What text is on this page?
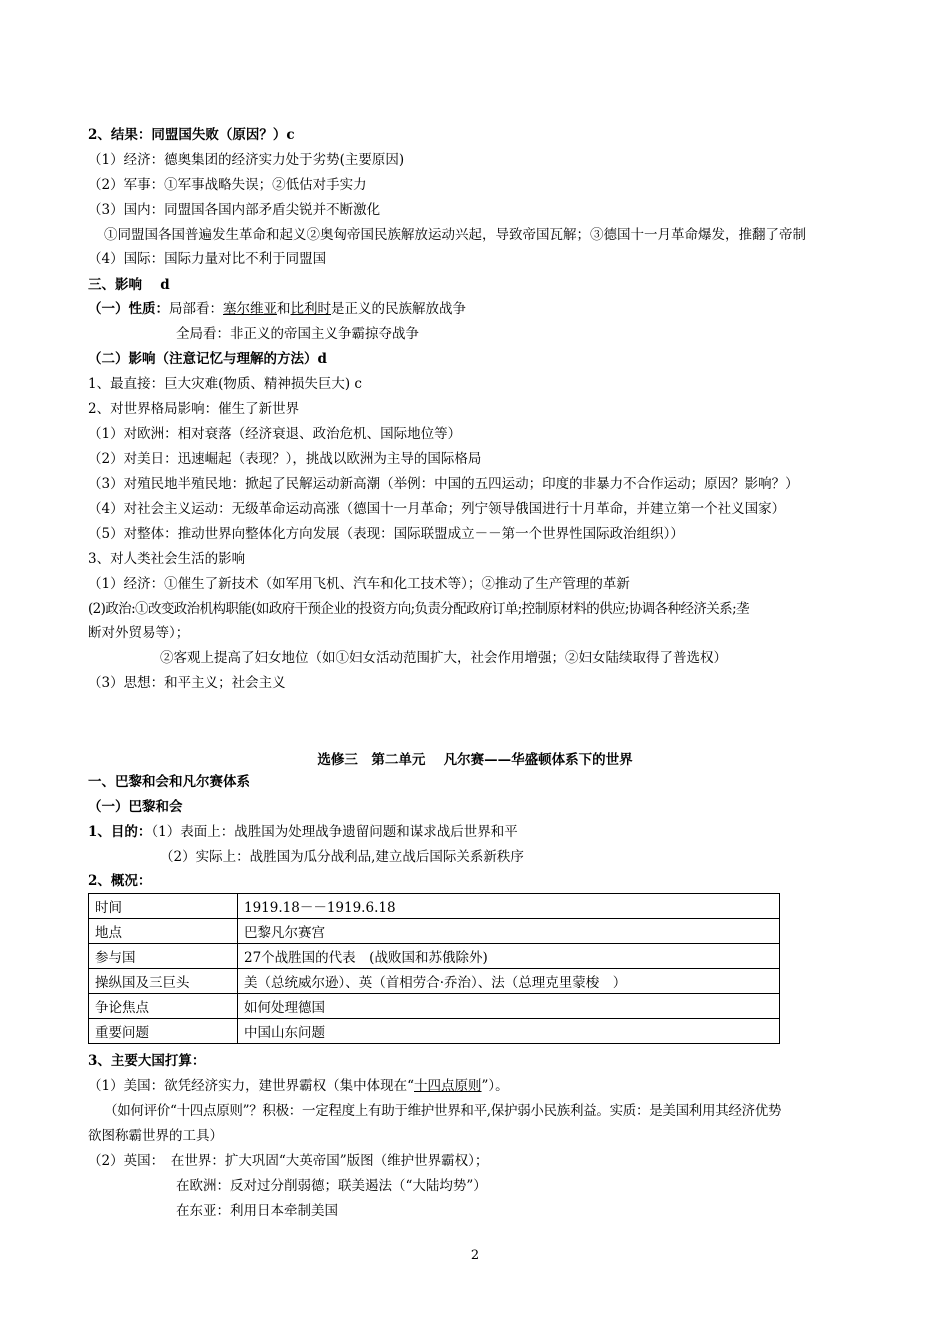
2、结果：同盟国失败（原因？）c
（1）经济：德奥集团的经济实力处于劣势(主要原因)
（2）军事：①军事战略失误；②低估对手实力
（3）国内：同盟国各国内部矛盾尖锐并不断激化
①同盟国各国普遍发生革命和起义②奥匈帝国民族解放运动兴起，导致帝国瓦解；③德国十一月革命爆发，推翻了帝制
（4）国际：国际力量对比不利于同盟国
三、影响　 d
（一）性质：局部看：塞尔维亚和比利时是正义的民族解放战争
全局看：非正义的帝国主义争霸掠夺战争
（二）影响（注意记忆与理解的方法）d
1、最直接：巨大灾难(物质、精神损失巨大) c
2、对世界格局影响：催生了新世界
（1）对欧洲：相对衰落（经济衰退、政治危机、国际地位等）
（2）对美日：迅速崛起（表现？），挑战以欧洲为主导的国际格局
（3）对殖民地半殖民地：掀起了民解运动新高潮（举例：中国的五四运动；印度的非暴力不合作运动；原因？影响？）
（4）对社会主义运动：无级革命运动高涨（德国十一月革命；列宁领导俄国进行十月革命，并建立第一个社义国家）
（5）对整体：推动世界向整体化方向发展（表现：国际联盟成立－－第一个世界性国际政治组织））
3、对人类社会生活的影响
（1）经济：①催生了新技术（如军用飞机、汽车和化工技术等）；②推动了生产管理的革新
(2)政治:①改变政治机构职能(如政府干预企业的投资方向;负责分配政府订单;控制原材料的供应;协调各种经济关系;垄
断对外贸易等）；
②客观上提高了妇女地位（如①妇女活动范围扩大，社会作用增强；②妇女陆续取得了普选权）
（3）思想：和平主义；社会主义
选修三　第二单元　 凡尔赛——华盛顿体系下的世界
一、巴黎和会和凡尔赛体系
（一）巴黎和会
1、目的：（1）表面上：战胜国为处理战争遗留问题和谋求战后世界和平
（2）实际上：战胜国为瓜分战利品,建立战后国际关系新秩序
2、概况：
时间	1919.18－－1919.6.18
地点	巴黎凡尔赛宫
参与国	27个战胜国的代表　(战败国和苏俄除外)
操纵国及三巨头	美（总统威尔逊）、英（首相劳合·乔治）、法（总理克里蒙梭　）
争论焦点	如何处理德国
重要问题	中国山东问题
3、主要大国打算：
（1）美国：欲凭经济实力，建世界霸权（集中体现在“十四点原则”）。
（如何评价“十四点原则”？积极：一定程度上有助于维护世界和平,保护弱小民族利益。实质：是美国利用其经济优势
欲图称霸世界的工具）
（2）英国：　在世界：扩大巩固“大英帝国”版图（维护世界霸权）；
在欧洲：反对过分削弱德；联美遏法（“大陆均势”）
在东亚：利用日本牵制美国
2
